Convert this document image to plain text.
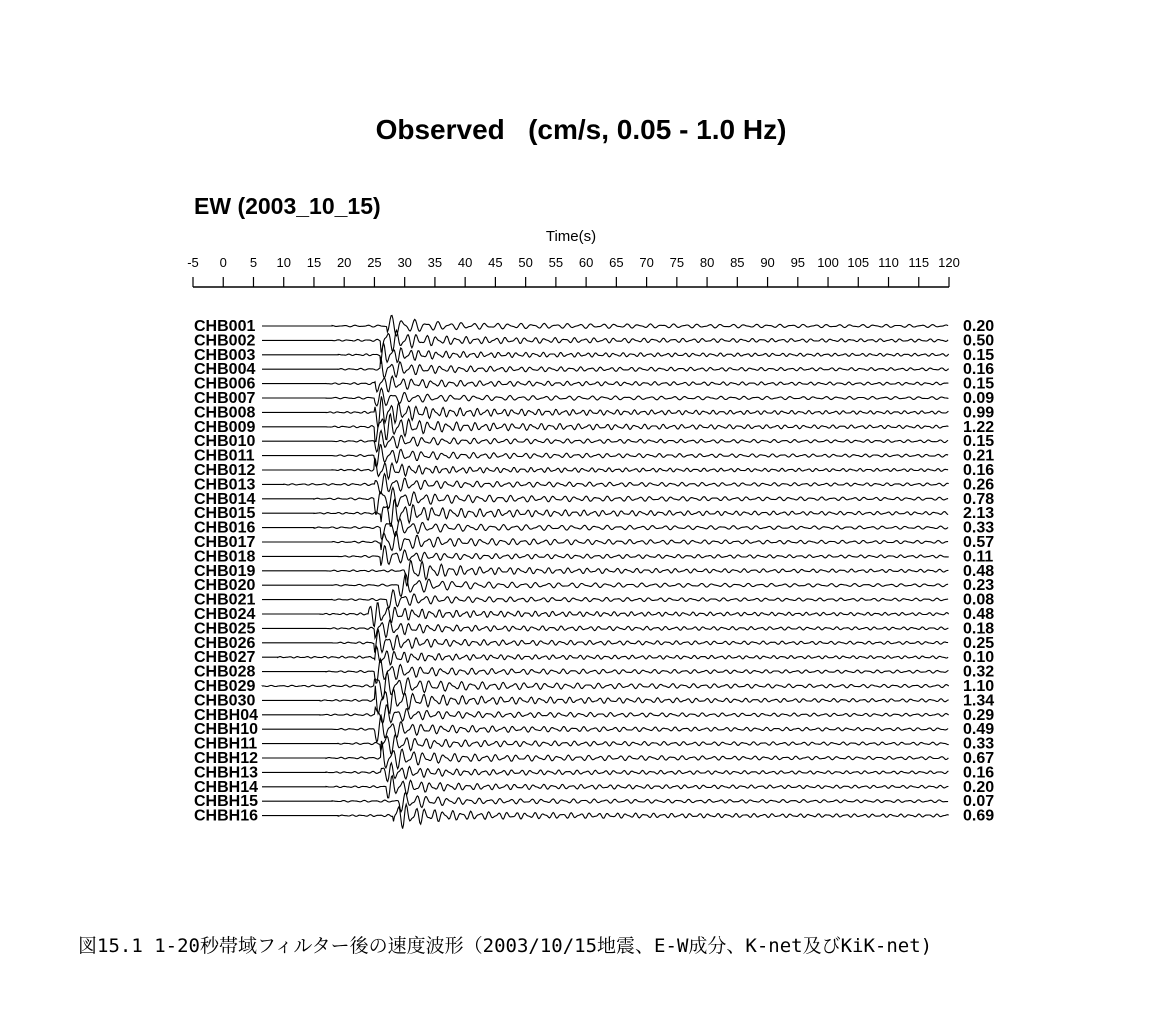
Observed   (cm/s, 0.05 - 1.0 Hz)
EW (2003_10_15)
Time(s)
-5 0 5 10 15 20 25 30 35 40 45 50 55 60 65 70 75 80 85 90 95 100 105 110 115 120
CHB001	0.20
CHB002	0.50
CHB003	0.15
CHB004	0.16
CHB006	0.15
CHB007	0.09
CHB008	0.99
CHB009	1.22
CHB010	0.15
CHB011	0.21
CHB012	0.16
CHB013	0.26
CHB014	0.78
CHB015	2.13
CHB016	0.33
CHB017	0.57
CHB018	0.11
CHB019	0.48
CHB020	0.23
CHB021	0.08
CHB024	0.48
CHB025	0.18
CHB026	0.25
CHB027	0.10
CHB028	0.32
CHB029	1.10
CHB030	1.34
CHBH04	0.29
CHBH10	0.49
CHBH11	0.33
CHBH12	0.67
CHBH13	0.16
CHBH14	0.20
CHBH15	0.07
CHBH16	0.69
図15.1 1-20秒帯域フィルター後の速度波形（2003/10/15地震、E-W成分、K-net及びKiK-net)
